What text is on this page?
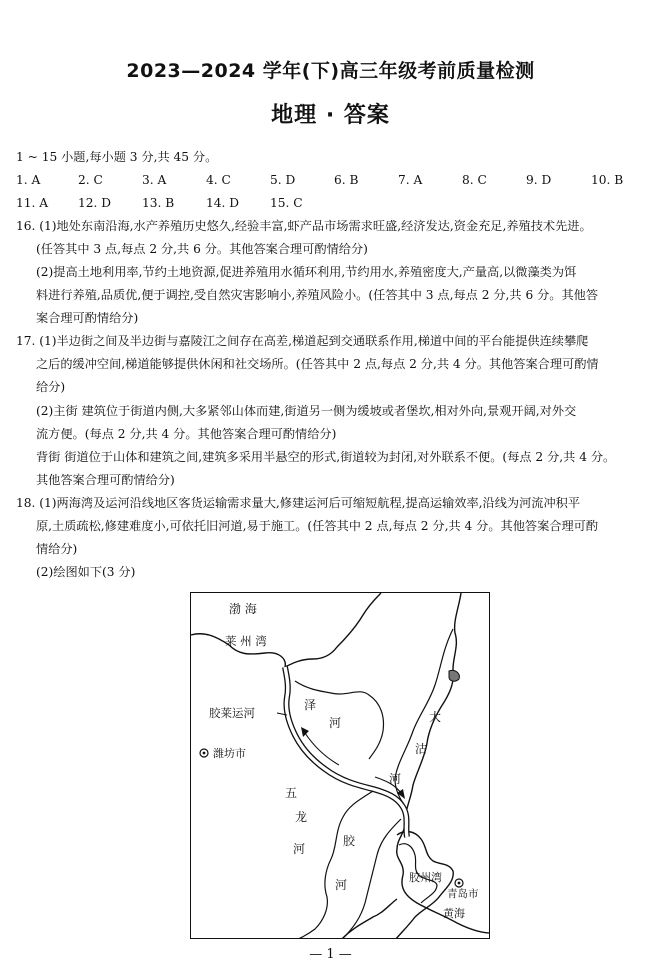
2023—2024 学年(下)高三年级考前质量检测
地理 · 答案
1 ~ 15 小题,每小题 3 分,共 45 分。
1. A	2. C	3. A	4. C	5. D	6. B	7. A	8. C	9. D	10. B
11. A 12. D	13. B	14. D	15. C
16. (1)地处东南沿海,水产养殖历史悠久,经验丰富,虾产品市场需求旺盛,经济发达,资金充足,养殖技术先进。
(任答其中 3 点,每点 2 分,共 6 分。其他答案合理可酌情给分)
(2)提高土地利用率,节约土地资源,促进养殖用水循环利用,节约用水,养殖密度大,产量高,以微藻类为饵
料进行养殖,品质优,便于调控,受自然灾害影响小,养殖风险小。(任答其中 3 点,每点 2 分,共 6 分。其他答
案合理可酌情给分)
17. (1)半边街之间及半边街与嘉陵江之间存在高差,梯道起到交通联系作用,梯道中间的平台能提供连续攀爬
之后的缓冲空间,梯道能够提供休闲和社交场所。(任答其中 2 点,每点 2 分,共 4 分。其他答案合理可酌情
给分)
(2)主街 建筑位于街道内侧,大多紧邻山体而建,街道另一侧为缓坡或者堡坎,相对外向,景观开阔,对外交
流方便。(每点 2 分,共 4 分。其他答案合理可酌情给分)
背街 街道位于山体和建筑之间,建筑多采用半悬空的形式,街道较为封闭,对外联系不便。(每点 2 分,共 4 分。
其他答案合理可酌情给分)
18. (1)两海湾及运河沿线地区客货运输需求量大,修建运河后可缩短航程,提高运输效率,沿线为河流冲积平
原,土质疏松,修建难度小,可依托旧河道,易于施工。(任答其中 2 点,每点 2 分,共 4 分。其他答案合理可酌
情给分)
(2)绘图如下(3 分)
渤 海
莱 州 湾
胶莱运河
潍坊市
泽
河	大
沽
河
五
龙
河
胶
河
胶州湾
青岛市
黄海
— 1 —
